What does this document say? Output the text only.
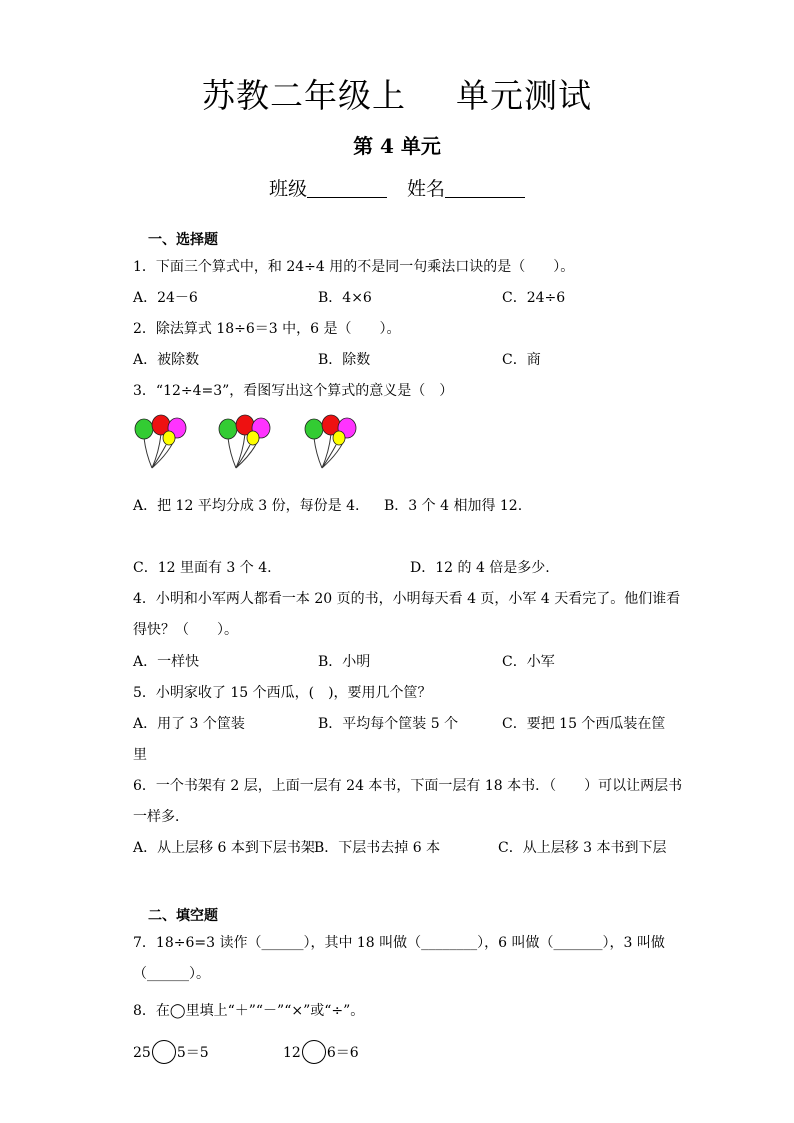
苏教二年级上 单元测试
第 4 单元
班级	姓名
一、选择题
1．下面三个算式中，和 24÷4 用的不是同一句乘法口诀的是（　　）。
A．24－6	B．4×6	C．24÷6
2．除法算式 18÷6＝3 中，6 是（　　）。
A．被除数	B．除数	C．商
3．“12÷4=3”，看图写出这个算式的意义是（　）
A．把 12 平均分成 3 份，每份是 4. B．3 个 4 相加得 12.
C．12 里面有 3 个 4.	D．12 的 4 倍是多少.
4．小明和小军两人都看一本 20 页的书，小明每天看 4 页，小军 4 天看完了。他们谁看
得快？（　　）。
A．一样快	B．小明	C．小军
5．小明家收了 15 个西瓜，(　)，要用几个筐？
A．用了 3 个筐装	B．平均每个筐装 5 个	C．要把 15 个西瓜装在筐
里
6．一个书架有 2 层，上面一层有 24 本书，下面一层有 18 本书．（　　）可以让两层书
一样多．
A．从上层移 6 本到下层书架 B．下层书去掉 6 本	C．从上层移 3 本书到下层
二、填空题
7．18÷6=3 读作（______），其中 18 叫做（________），6 叫做（_______），3 叫做
（______）。
8．在◯里填上“＋”“－”“×”或“÷”。
25 5＝5	12 6＝6
